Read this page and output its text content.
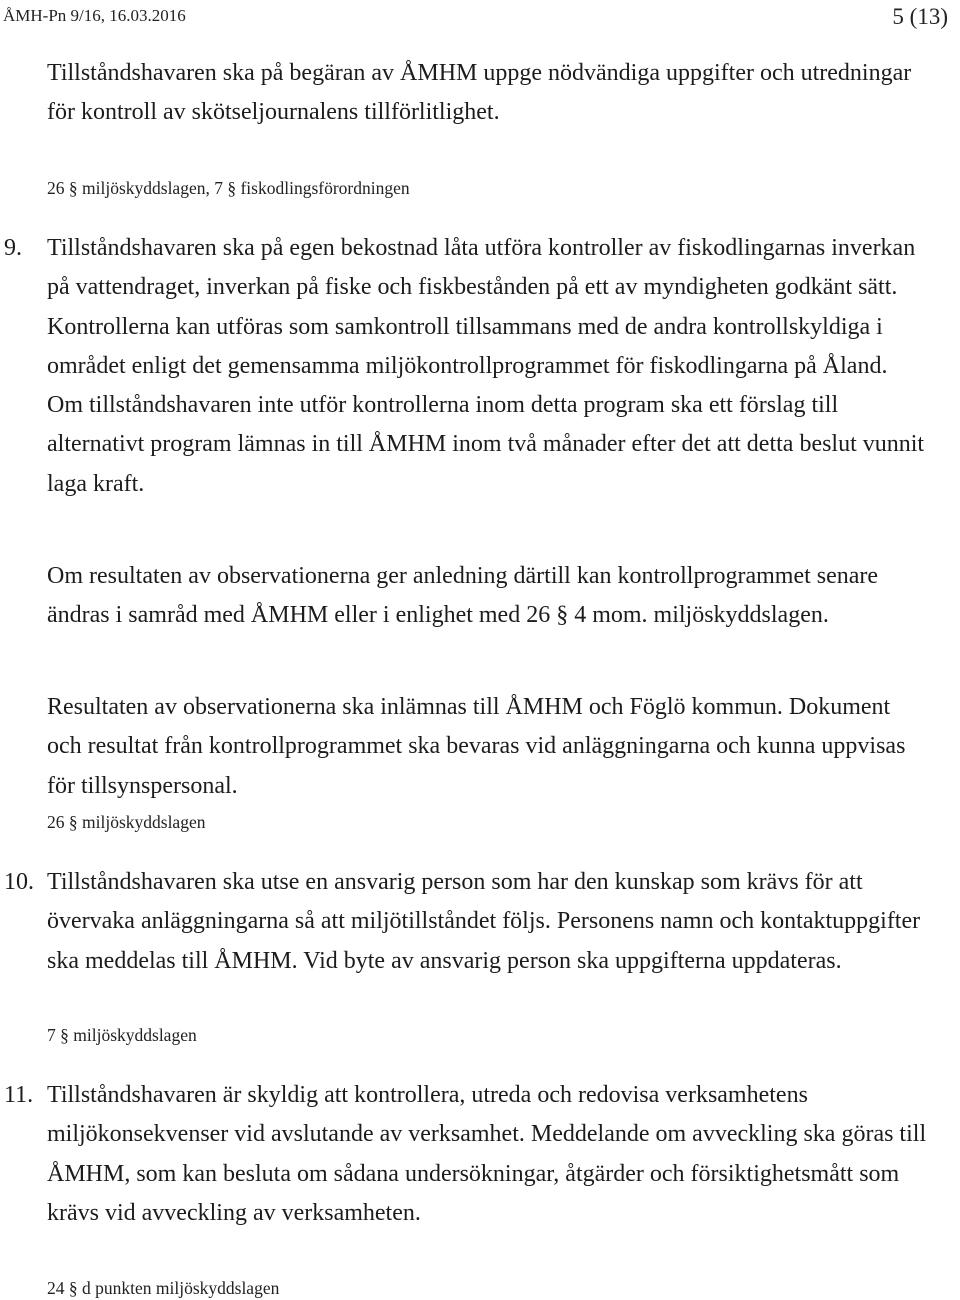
ÅMH-Pn 9/16, 16.03.2016	5 (13)
Tillståndshavaren ska på begäran av ÅMHM uppge nödvändiga uppgifter och utredningar för kontroll av skötseljournalens tillförlitlighet.
26 § miljöskyddslagen, 7 § fiskodlingsförordningen
9.	Tillståndshavaren ska på egen bekostnad låta utföra kontroller av fiskodlingarnas inverkan på vattendraget, inverkan på fiske och fiskbestånden på ett av myndigheten godkänt sätt. Kontrollerna kan utföras som samkontroll tillsammans med de andra kontrollskyldiga i området enligt det gemensamma miljökontrollprogrammet för fiskodlingarna på Åland. Om tillståndshavaren inte utför kontrollerna inom detta program ska ett förslag till alternativt program lämnas in till ÅMHM inom två månader efter det att detta beslut vunnit laga kraft.
Om resultaten av observationerna ger anledning därtill kan kontrollprogrammet senare ändras i samråd med ÅMHM eller i enlighet med 26 § 4 mom. miljöskyddslagen.
Resultaten av observationerna ska inlämnas till ÅMHM och Föglö kommun. Dokument och resultat från kontrollprogrammet ska bevaras vid anläggningarna och kunna uppvisas för tillsynspersonal.
26 § miljöskyddslagen
10. Tillståndshavaren ska utse en ansvarig person som har den kunskap som krävs för att övervaka anläggningarna så att miljötillståndet följs. Personens namn och kontaktuppgifter ska meddelas till ÅMHM. Vid byte av ansvarig person ska uppgifterna uppdateras.
7 § miljöskyddslagen
11. Tillståndshavaren är skyldig att kontrollera, utreda och redovisa verksamhetens miljökonsekvenser vid avslutande av verksamhet. Meddelande om avveckling ska göras till ÅMHM, som kan besluta om sådana undersökningar, åtgärder och försiktighetsmått som krävs vid avveckling av verksamheten.
24 § d punkten miljöskyddslagen
